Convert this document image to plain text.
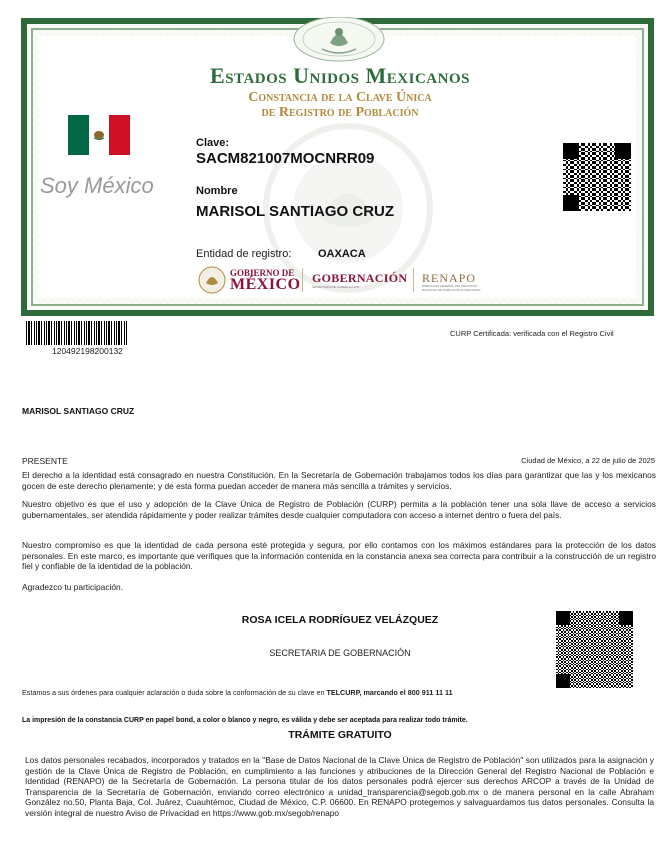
Estados Unidos Mexicanos
Constancia de la Clave Única
de Registro de Población
Soy México
Clave:
SACM821007MOCNRR09
Nombre
MARISOL SANTIAGO CRUZ
Entidad de registro: OAXACA
GOBIERNO DE
MÉXICO GOBERNACIÓN
SECRETARÍA DE GOBERNACIÓN
RENAPO
DIRECCIÓN GENERAL DEL REGISTRO NACIONAL DE POBLACIÓN E IDENTIDAD
120492198200132
CURP Certificada: verificada con el Registro Civil
MARISOL SANTIAGO CRUZ
PRESENTE	Ciudad de México, a 22 de julio de 2025
El derecho a la identidad está consagrado en nuestra Constitución. En la Secretaría de Gobernación trabajamos todos los días para garantizar que las y los mexicanos gocen de este derecho plenamente; y de esta forma puedan acceder de manera más sencilla a trámites y servicios.
Nuestro objetivo es que el uso y adopción de la Clave Única de Registro de Población (CURP) permita a la población tener una sola llave de acceso a servicios gubernamentales, ser atendida rápidamente y poder realizar trámites desde cualquier computadora con acceso a internet dentro o fuera del país.
Nuestro compromiso es que la identidad de cada persona esté protegida y segura, por ello contamos con los máximos estándares para la protección de los datos personales. En este marco, es importante que verifiques que la información contenida en la constancia anexa sea correcta para contribuir a la construcción de un registro fiel y confiable de la identidad de la población.
Agradezco tu participación.
ROSA ICELA RODRÍGUEZ VELÁZQUEZ
SECRETARIA DE GOBERNACIÓN
Estamos a sus órdenes para cualquier aclaración o duda sobre la conformación de su clave en TELCURP, marcando el 800 911 11 11
La impresión de la constancia CURP en papel bond, a color o blanco y negro, es válida y debe ser aceptada para realizar todo trámite.
TRÁMITE GRATUITO
Los datos personales recabados, incorporados y tratados en la "Base de Datos Nacional de la Clave Única de Registro de Población" son utilizados para la asignación y gestión de la Clave Única de Registro de Población, en cumplimiento a las funciones y atribuciones de la Dirección General del Registro Nacional de Población e Identidad (RENAPO) de la Secretaría de Gobernación. La persona titular de los datos personales podrá ejercer sus derechos ARCOP a través de la Unidad de Transparencia de la Secretaría de Gobernación, enviando correo electrónico a unidad_transparencia@segob.gob.mx o de manera personal en la calle Abraham González no.50, Planta Baja, Col. Juárez, Cuauhtémoc, Ciudad de México, C.P. 06600. En RENAPO protegemos y salvaguardamos tus datos personales. Consulta la versión integral de nuestro Aviso de Privacidad en https://www.gob.mx/segob/renapo
